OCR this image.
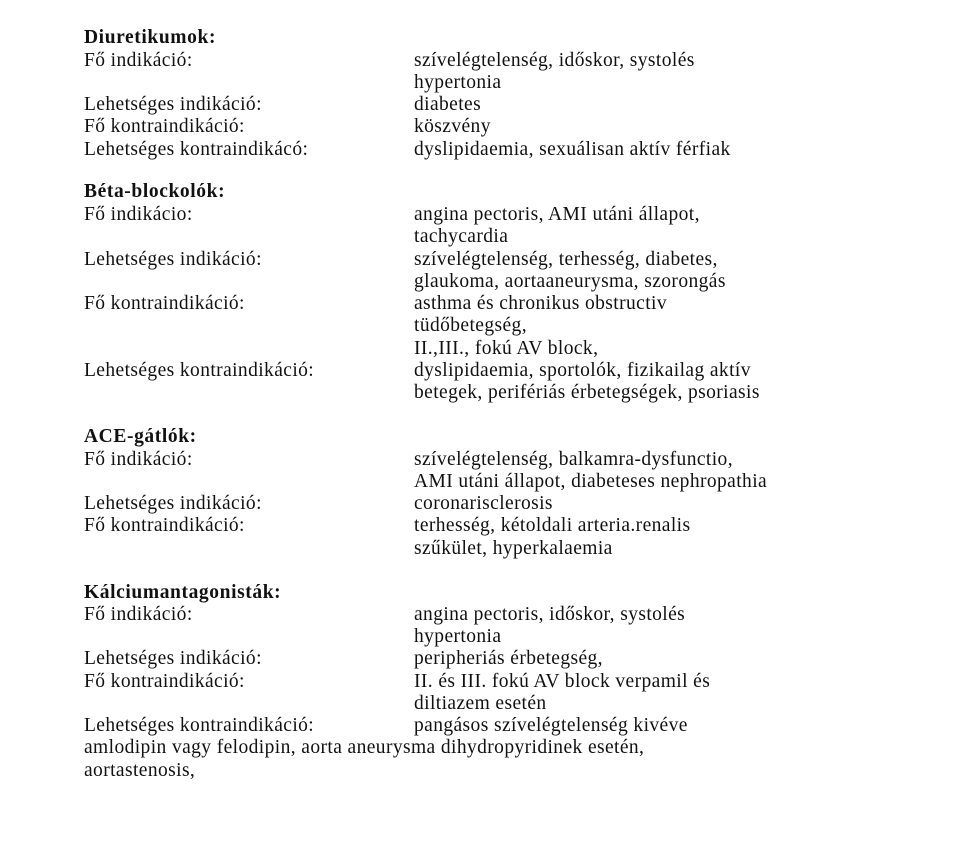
Diuretikumok:
Fő indikáció:	szívelégtelenség, időskor, systolés
hypertonia
Lehetséges indikáció:	diabetes
Fő kontraindikáció:	köszvény
Lehetséges kontraindikácó:	dyslipidaemia, sexuálisan aktív férfiak
Béta-blockolók:
Fő indikácio:	angina pectoris, AMI utáni állapot,
tachycardia
Lehetséges indikáció:	szívelégtelenség, terhesség, diabetes,
glaukoma, aortaaneurysma, szorongás
Fő kontraindikáció:	asthma és chronikus obstructiv
tüdőbetegség,
II.,III., fokú AV block,
Lehetséges kontraindikáció:	dyslipidaemia, sportolók, fizikailag aktív
betegek, perifériás érbetegségek, psoriasis
ACE-gátlók:
Fő indikáció:	szívelégtelenség, balkamra-dysfunctio,
AMI utáni állapot, diabeteses nephropathia
Lehetséges indikáció:	coronarisclerosis
Fő kontraindikáció:	terhesség, kétoldali arteria.renalis
szűkület, hyperkalaemia
Kálciumantagonisták:
Fő indikáció:	angina pectoris, időskor, systolés
hypertonia
Lehetséges indikáció:	peripheriás érbetegség,
Fő kontraindikáció:	II. és III. fokú AV block verpamil és
diltiazem esetén
Lehetséges kontraindikáció:	pangásos szívelégtelenség kivéve
amlodipin vagy felodipin, aorta aneurysma dihydropyridinek esetén,
aortastenosis,
